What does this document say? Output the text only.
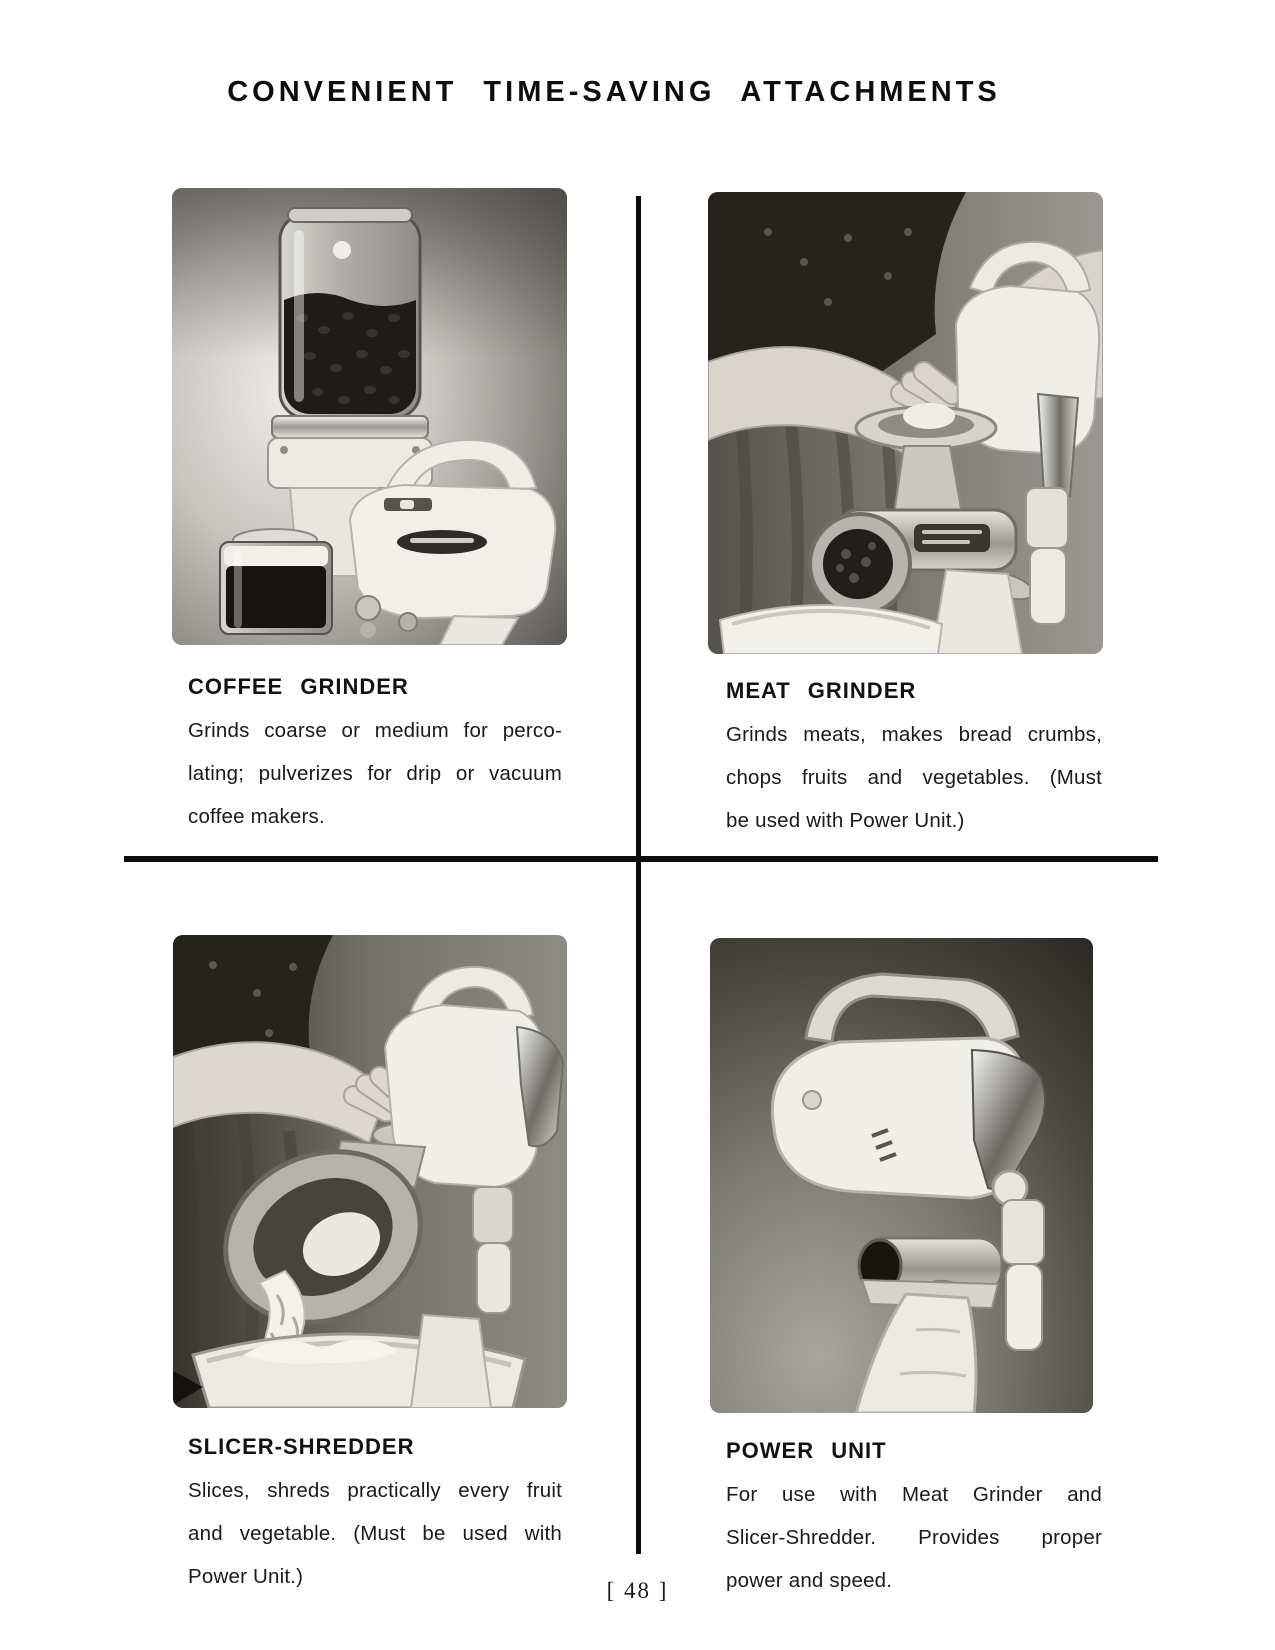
CONVENIENT TIME-SAVING ATTACHMENTS
COFFEE GRINDER
Grinds coarse or medium for perco-
lating; pulverizes for drip or vacuum
coffee makers.
MEAT GRINDER
Grinds meats, makes bread crumbs,
chops fruits and vegetables. (Must
be used with Power Unit.)
SLICER-SHREDDER
Slices, shreds practically every fruit
and vegetable. (Must be used with
Power Unit.)
POWER UNIT
For use with Meat Grinder and
Slicer-Shredder. Provides proper
power and speed.
[ 48 ]
